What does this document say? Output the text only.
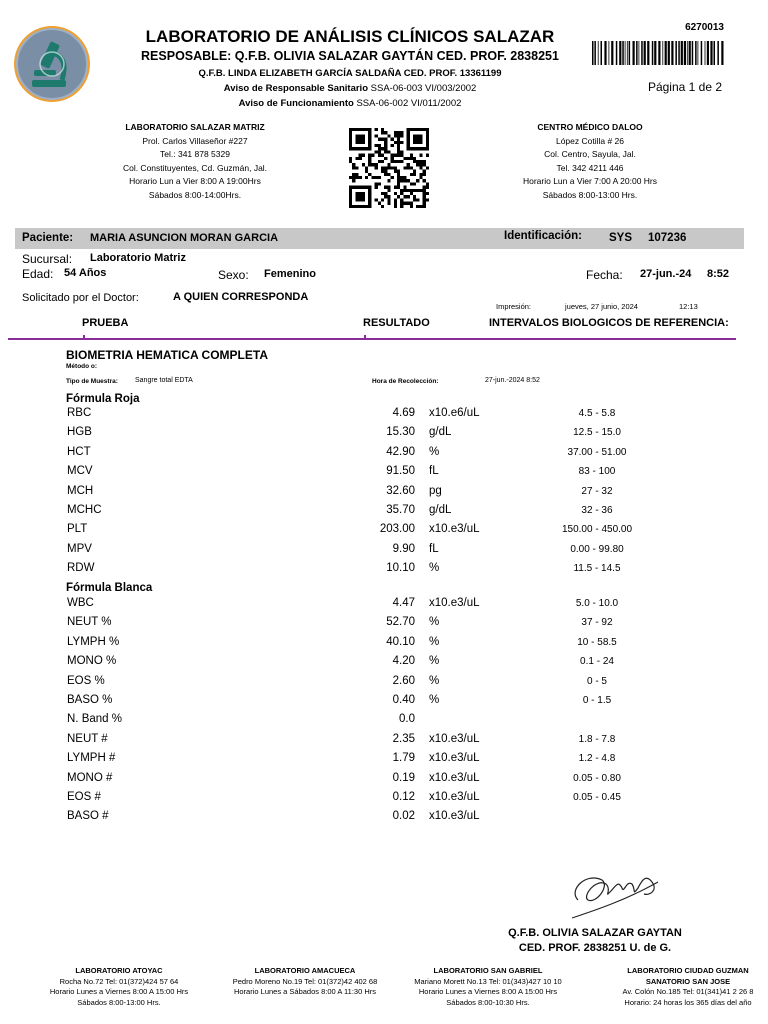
LABORATORIO DE ANÁLISIS CLÍNICOS SALAZAR
RESPOSABLE: Q.F.B. OLIVIA SALAZAR GAYTÁN CED. PROF. 2838251
Q.F.B. LINDA ELIZABETH GARCÍA SALDAÑA CED. PROF. 13361199
Aviso de Responsable Sanitario SSA-06-003 VI/003/2002
Aviso de Funcionamiento SSA-06-002 VI/011/2002
6270013
Página 1 de 2
LABORATORIO SALAZAR MATRIZ
Prol. Carlos Villaseñor #227
Tel.: 341 878 5329
Col. Constituyentes, Cd. Guzmán, Jal.
Horario Lun a Vier 8:00 A 19:00Hrs
Sábados 8:00-14:00Hrs.
CENTRO MÉDICO DALOO
López Cotilla # 26
Col. Centro, Sayula, Jal.
Tel. 342 4211 446
Horario Lun a Vier 7:00 A 20:00 Hrs
Sábados 8:00-13:00 Hrs.
Paciente: MARIA ASUNCION MORAN GARCIA	Identificación: SYS 107236
Sucursal: Laboratorio Matriz
Edad: 54 Años	Sexo: Femenino	Fecha: 27-jun.-24 8:52
Solicitado por el Doctor:	A QUIEN CORRESPONDA
Impresión:	jueves, 27 junio, 2024	12:13
PRUEBA	RESULTADO	INTERVALOS BIOLOGICOS DE REFERENCIA:
BIOMETRIA HEMATICA COMPLETA
Método o:
Tipo de Muestra: Sangre total EDTA	Hora de Recolección:	27-jun.-2024 8:52
Fórmula Roja
RBC	4.69 x10.e6/uL	4.5 - 5.8
HGB	15.30 g/dL	12.5 - 15.0
HCT	42.90 %	37.00 - 51.00
MCV	91.50 fL	83 - 100
MCH	32.60 pg	27 - 32
MCHC	35.70 g/dL	32 - 36
PLT	203.00 x10.e3/uL	150.00 - 450.00
MPV	9.90 fL	0.00 - 99.80
RDW	10.10 %	11.5 - 14.5
Fórmula Blanca
WBC	4.47 x10.e3/uL	5.0 - 10.0
NEUT %	52.70 %	37 - 92
LYMPH %	40.10 %	10 - 58.5
MONO %	4.20 %	0.1 - 24
EOS %	2.60 %	0 - 5
BASO %	0.40 %	0 - 1.5
N. Band %	0.0
NEUT #	2.35 x10.e3/uL	1.8 - 7.8
LYMPH #	1.79 x10.e3/uL	1.2 - 4.8
MONO #	0.19 x10.e3/uL	0.05 - 0.80
EOS #	0.12 x10.e3/uL	0.05 - 0.45
BASO #	0.02 x10.e3/uL
Q.F.B. OLIVIA SALAZAR GAYTAN
CED. PROF. 2838251 U. de G.
LABORATORIO ATOYAC
Rocha No.72 Tel: 01(372)424 57 64
Horario Lunes a Viernes 8:00 A 15:00 Hrs
Sábados 8:00-13:00 Hrs.
LABORATORIO AMACUECA
Pedro Moreno No.19 Tel: 01(372)42 402 68
Horario Lunes a Sábados 8:00 A 11:30 Hrs
LABORATORIO SAN GABRIEL
Mariano Morett No.13 Tel: 01(343)427 10 10
Horario Lunes a Viernes 8:00 A 15:00 Hrs
Sábados 8:00-10:30 Hrs.
LABORATORIO CIUDAD GUZMAN
SANATORIO SAN JOSE
Av. Colón No.185 Tel: 01(341)41 2 26 8
Horario: 24 horas los 365 días del año
